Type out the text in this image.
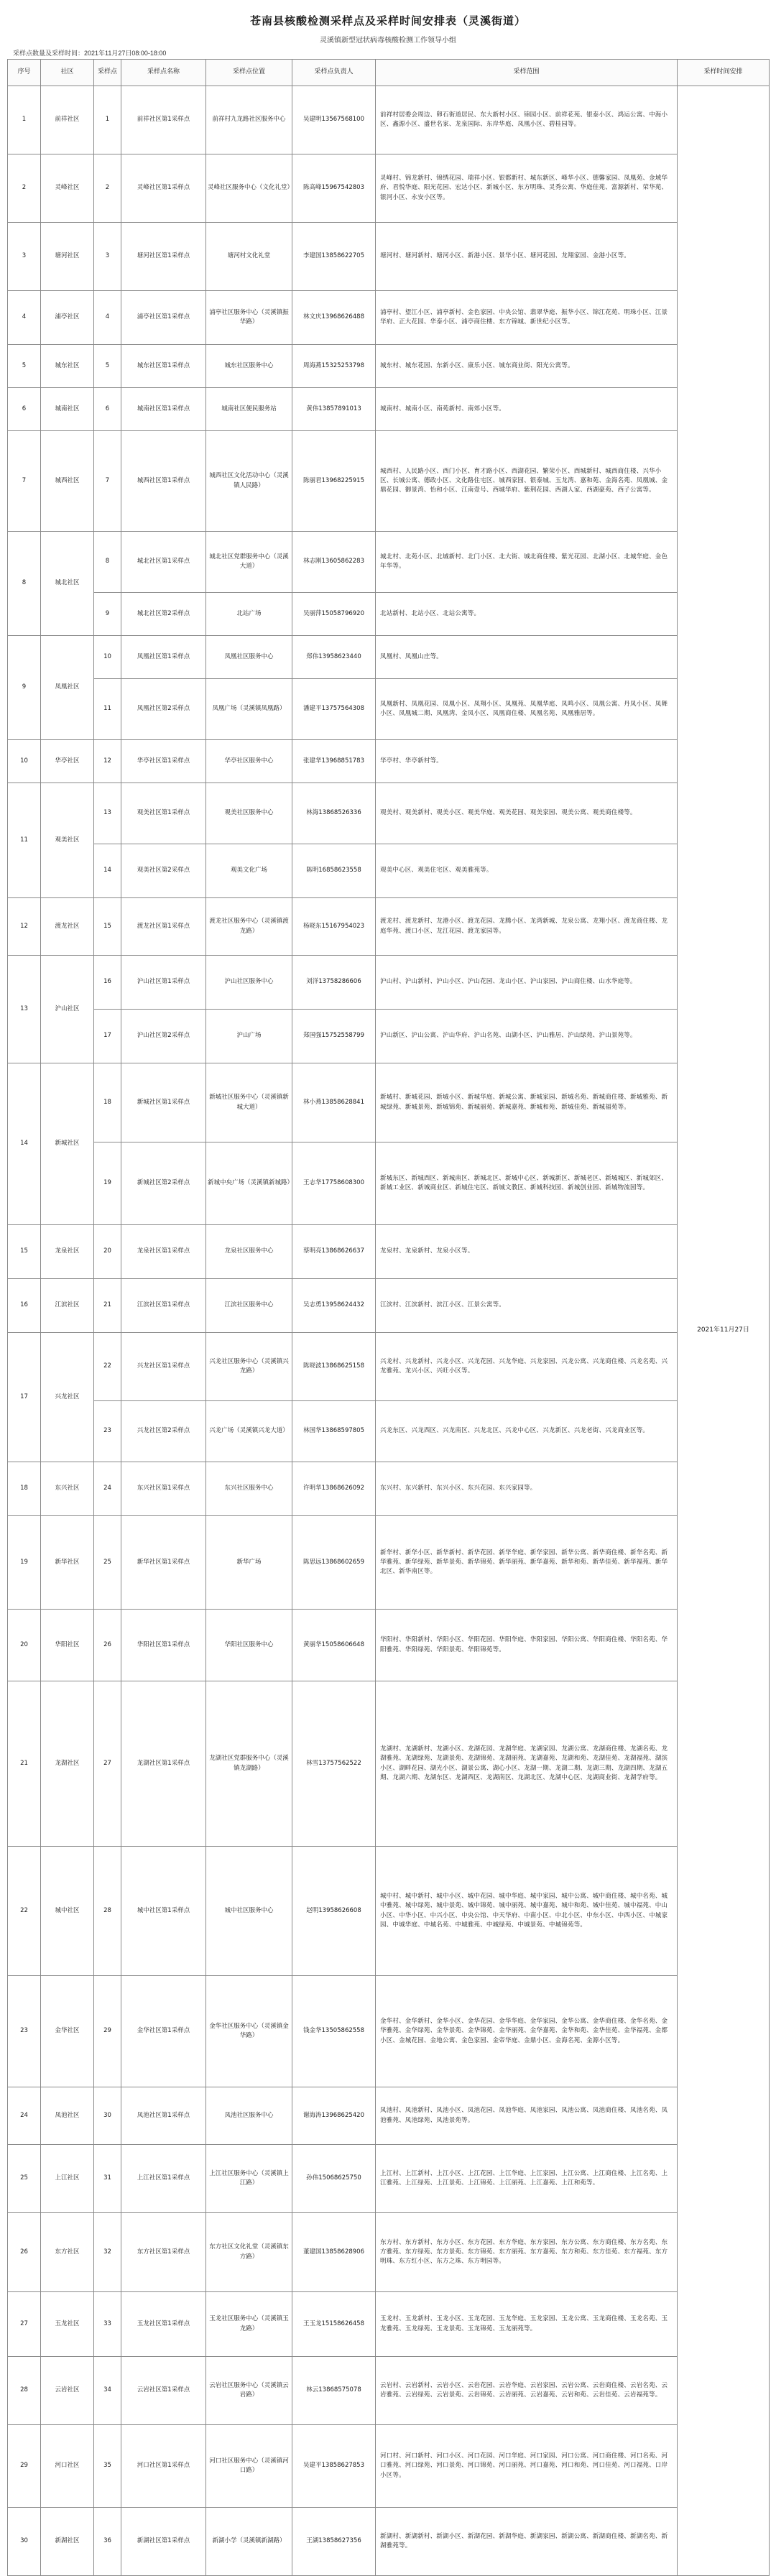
苍南县核酸检测采样点及采样时间安排表（灵溪街道）
灵溪镇新型冠状病毒核酸检测工作领导小组
采样点数量及采样时间：2021年11月27日08:00-18:00
序号	社区	采样点	采样点名称	采样点位置	采样点负责人	采样范围	采样时间安排
1	前祥社区	1	前祥社区第1采样点	前祥村九龙路社区服务中心	吴建明13567568100	前祥村居委会周边、卵石街道居民、东大新村小区、锦园小区、前祥花苑、银泰小区、鸿运公寓、中海小区、鑫源小区、盛世名家、龙泉国际、东岸华庭、凤凰小区、碧桂园等。	2021年11月27日
2	灵峰社区	2	灵峰社区第1采样点	灵峰社区服务中心（文化礼堂）	陈高峰15967542803	灵峰村、锦龙新村、锦绣花园、瑞祥小区、银都新村、城东新区、峰华小区、德馨家园、凤凰苑、金域华府、君悦华庭、阳光花园、宏达小区、新城小区、东方明珠、灵秀公寓、华庭佳苑、富源新村、荣华苑、银河小区、永安小区等。	
3	塘河社区	3	塘河社区第1采样点	塘河村文化礼堂	李建国13858622705	塘河村、塘河新村、塘河小区、新港小区、景华小区、塘河花园、龙翔家园、金港小区等。	
4	浦亭社区	4	浦亭社区第1采样点	浦亭社区服务中心（灵溪镇振华路）	林文庆13968626488	浦亭村、望江小区、浦亭新村、金色家园、中央公馆、翡翠华庭、振华小区、锦江花苑、明珠小区、江景华府、正大花园、华泰小区、浦亭商住楼、东方锦城、新世纪小区等。	
5	城东社区	5	城东社区第1采样点	城东社区服务中心	周海燕15325253798	城东村、城东花园、东新小区、康乐小区、城东商业街、阳光公寓等。	
6	城南社区	6	城南社区第1采样点	城南社区便民服务站	黄伟13857891013	城南村、城南小区、南苑新村、南郊小区等。	
7	城西社区	7	城西社区第1采样点	城西社区文化活动中心（灵溪镇人民路）	陈丽君13968225915	城西村、人民路小区、西门小区、育才路小区、西湖花园、繁荣小区、西城新村、城西商住楼、兴华小区、长城公寓、德政小区、文化路住宅区、城西家园、银泰城、玉龙湾、嘉和苑、金海名苑、凤凰城、金鼎花园、御景湾、怡和小区、江南壹号、西城华府、紫荆花园、西湖人家、西湖豪苑、西子公寓等。	
8	城北社区	8	城北社区第1采样点	城北社区党群服务中心（灵溪大道）	林志刚13605862283	城北村、北苑小区、北城新村、北门小区、北大街、城北商住楼、紫光花园、北湖小区、北城华庭、金色年华等。	
		9	城北社区第2采样点	北站广场	吴丽萍15058796920	北站新村、北站小区、北站公寓等。	
9	凤凰社区	10	凤凰社区第1采样点	凤凰社区服务中心	郑伟13958623440	凤凰村、凤凰山庄等。	
		11	凤凰社区第2采样点	凤凰广场（灵溪镇凤凰路）	潘建平13757564308	凤凰新村、凤凰花园、凤凰小区、凤翔小区、凤凰苑、凤凰华庭、凤鸣小区、凤凰公寓、丹凤小区、凤舞小区、凤凰城二期、凤凰湾、金凤小区、凤凰商住楼、凤凰名苑、凤凰雅居等。	
10	华亭社区	12	华亭社区第1采样点	华亭社区服务中心	张建华13968851783	华亭村、华亭新村等。	
11	观美社区	13	观美社区第1采样点	观美社区服务中心	林海13868526336	观美村、观美新村、观美小区、观美华庭、观美花园、观美家园、观美公寓、观美商住楼等。	
		14	观美社区第2采样点	观美文化广场	陈明16858623558	观美中心区、观美住宅区、观美雅苑等。	
12	渡龙社区	15	渡龙社区第1采样点	渡龙社区服务中心（灵溪镇渡龙路）	杨晓东15167954023	渡龙村、渡龙新村、龙港小区、渡龙花园、龙腾小区、龙湾新城、龙泉公寓、龙翔小区、渡龙商住楼、龙庭华苑、渡口小区、龙江花园、渡龙家园等。	
13	沪山社区	16	沪山社区第1采样点	沪山社区服务中心	刘洋13758286606	沪山村、沪山新村、沪山小区、沪山花园、龙山小区、沪山家园、沪山商住楼、山水华庭等。	
		17	沪山社区第2采样点	沪山广场	郑国强15752558799	沪山新区、沪山公寓、沪山华府、沪山名苑、山湖小区、沪山雅居、沪山绿苑、沪山景苑等。	
14	新城社区	18	新城社区第1采样点	新城社区服务中心（灵溪镇新城大道）	林小燕13858628841	新城村、新城花园、新城小区、新城华庭、新城公寓、新城家园、新城名苑、新城商住楼、新城雅苑、新城绿苑、新城景苑、新城锦苑、新城丽苑、新城嘉苑、新城和苑、新城佳苑、新城福苑等。	
		19	新城社区第2采样点	新城中央广场（灵溪镇新城路）	王志华17758608300	新城东区、新城西区、新城南区、新城北区、新城中心区、新城新区、新城老区、新城城区、新城郊区、新城工业区、新城商业区、新城住宅区、新城文教区、新城科技园、新城创业园、新城物流园等。	
15	龙泉社区	20	龙泉社区第1采样点	龙泉社区服务中心	蔡明亮13868626637	龙泉村、龙泉新村、龙泉小区等。	
16	江滨社区	21	江滨社区第1采样点	江滨社区服务中心	吴志勇13958624432	江滨村、江滨新村、滨江小区、江景公寓等。	
17	兴龙社区	22	兴龙社区第1采样点	兴龙社区服务中心（灵溪镇兴龙路）	陈晓波13868625158	兴龙村、兴龙新村、兴龙小区、兴龙花园、兴龙华庭、兴龙家园、兴龙公寓、兴龙商住楼、兴龙名苑、兴龙雅苑、龙兴小区、兴旺小区等。	
		23	兴龙社区第2采样点	兴龙广场（灵溪镇兴龙大道）	林国华13868597805	兴龙东区、兴龙西区、兴龙南区、兴龙北区、兴龙中心区、兴龙新区、兴龙老街、兴龙商业区等。	
18	东兴社区	24	东兴社区第1采样点	东兴社区服务中心	许明华13868626092	东兴村、东兴新村、东兴小区、东兴花园、东兴家园等。	
19	新华社区	25	新华社区第1采样点	新华广场	陈思远13868602659	新华村、新华小区、新华新村、新华花园、新华华庭、新华家园、新华公寓、新华商住楼、新华名苑、新华雅苑、新华绿苑、新华景苑、新华锦苑、新华丽苑、新华嘉苑、新华和苑、新华佳苑、新华福苑、新华北区、新华南区等。	
20	华阳社区	26	华阳社区第1采样点	华阳社区服务中心	黄丽华15058606648	华阳村、华阳新村、华阳小区、华阳花园、华阳华庭、华阳家园、华阳公寓、华阳商住楼、华阳名苑、华阳雅苑、华阳绿苑、华阳景苑、华阳锦苑等。	
21	龙湖社区	27	龙湖社区第1采样点	龙湖社区党群服务中心（灵溪镇龙湖路）	林雪13757562522	龙湖村、龙湖新村、龙湖小区、龙湖花园、龙湖华庭、龙湖家园、龙湖公寓、龙湖商住楼、龙湖名苑、龙湖雅苑、龙湖绿苑、龙湖景苑、龙湖锦苑、龙湖丽苑、龙湖嘉苑、龙湖和苑、龙湖佳苑、龙湖福苑、湖滨小区、湖畔花园、湖光小区、湖景公寓、湖心小区、龙湖一期、龙湖二期、龙湖三期、龙湖四期、龙湖五期、龙湖六期、龙湖东区、龙湖西区、龙湖南区、龙湖北区、龙湖中心区、龙湖商业街、龙湖学府等。	
22	城中社区	28	城中社区第1采样点	城中社区服务中心	赵明13958626608	城中村、城中新村、城中小区、城中花园、城中华庭、城中家园、城中公寓、城中商住楼、城中名苑、城中雅苑、城中绿苑、城中景苑、城中锦苑、城中丽苑、城中嘉苑、城中和苑、城中佳苑、城中福苑、中山小区、中华小区、中兴小区、中央公馆、中天华府、中南小区、中北小区、中东小区、中西小区、中城家园、中城华庭、中城名苑、中城雅苑、中城绿苑、中城景苑、中城锦苑等。	
23	金华社区	29	金华社区第1采样点	金华社区服务中心（灵溪镇金华路）	钱金华13505862558	金华村、金华新村、金华小区、金华花园、金华华庭、金华家园、金华公寓、金华商住楼、金华名苑、金华雅苑、金华绿苑、金华景苑、金华锦苑、金华丽苑、金华嘉苑、金华和苑、金华佳苑、金华福苑、金都小区、金城花园、金地公寓、金色家园、金帝华庭、金鼎小区、金海名苑、金源小区等。	
24	凤池社区	30	凤池社区第1采样点	凤池社区服务中心	谢海涛13968625420	凤池村、凤池新村、凤池小区、凤池花园、凤池华庭、凤池家园、凤池公寓、凤池商住楼、凤池名苑、凤池雅苑、凤池绿苑、凤池景苑等。	
25	上江社区	31	上江社区第1采样点	上江社区服务中心（灵溪镇上江路）	孙伟15068625750	上江村、上江新村、上江小区、上江花园、上江华庭、上江家园、上江公寓、上江商住楼、上江名苑、上江雅苑、上江绿苑、上江景苑、上江锦苑、上江丽苑、上江嘉苑、上江和苑等。	
26	东方社区	32	东方社区第1采样点	东方社区文化礼堂（灵溪镇东方路）	董建国13858628906	东方村、东方新村、东方小区、东方花园、东方华庭、东方家园、东方公寓、东方商住楼、东方名苑、东方雅苑、东方绿苑、东方景苑、东方锦苑、东方丽苑、东方嘉苑、东方和苑、东方佳苑、东方福苑、东方明珠、东方红小区、东方之珠、东方明园等。	
27	玉龙社区	33	玉龙社区第1采样点	玉龙社区服务中心（灵溪镇玉龙路）	王玉龙15158626458	玉龙村、玉龙新村、玉龙小区、玉龙花园、玉龙华庭、玉龙家园、玉龙公寓、玉龙商住楼、玉龙名苑、玉龙雅苑、玉龙绿苑、玉龙景苑、玉龙锦苑、玉龙丽苑等。	
28	云岩社区	34	云岩社区第1采样点	云岩社区服务中心（灵溪镇云岩路）	林云13868575078	云岩村、云岩新村、云岩小区、云岩花园、云岩华庭、云岩家园、云岩公寓、云岩商住楼、云岩名苑、云岩雅苑、云岩绿苑、云岩景苑、云岩锦苑、云岩丽苑、云岩嘉苑、云岩和苑、云岩佳苑、云岩福苑等。	
29	河口社区	35	河口社区第1采样点	河口社区服务中心（灵溪镇河口路）	吴建平13858627853	河口村、河口新村、河口小区、河口花园、河口华庭、河口家园、河口公寓、河口商住楼、河口名苑、河口雅苑、河口绿苑、河口景苑、河口锦苑、河口丽苑、河口嘉苑、河口和苑、河口佳苑、河口福苑、口岸小区等。	
30	新湖社区	36	新湖社区第1采样点	新湖小学（灵溪镇新湖路）	王湖13858627356	新湖村、新湖新村、新湖小区、新湖花园、新湖华庭、新湖家园、新湖公寓、新湖商住楼、新湖名苑、新湖雅苑等。	
